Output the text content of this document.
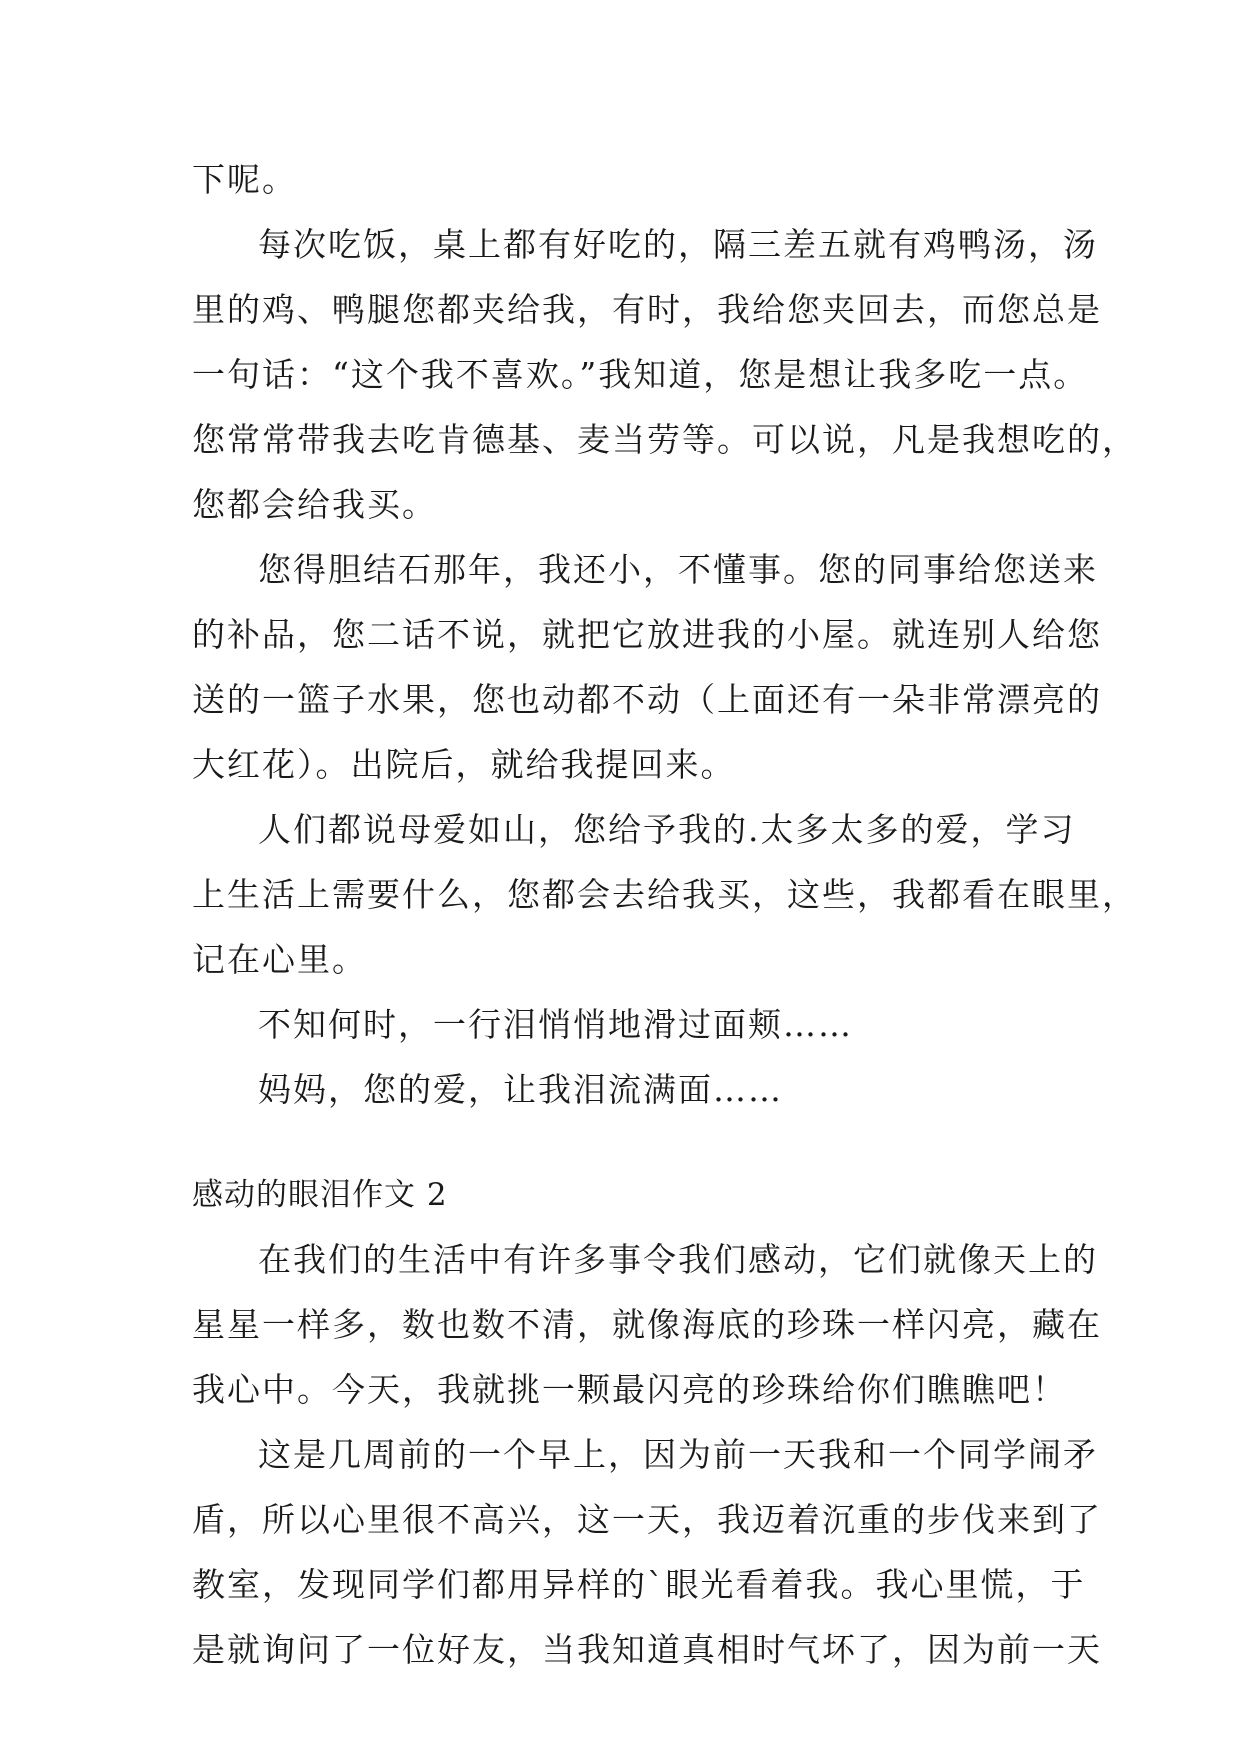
下呢。

每次吃饭，桌上都有好吃的，隔三差五就有鸡鸭汤，汤

里的鸡、鸭腿您都夹给我，有时，我给您夹回去，而您总是

一句话：“这个我不喜欢。”我知道，您是想让我多吃一点。

您常常带我去吃肯德基、麦当劳等。可以说，凡是我想吃的，

您都会给我买。

您得胆结石那年，我还小，不懂事。您的同事给您送来

的补品，您二话不说，就把它放进我的小屋。就连别人给您

送的一篮子水果，您也动都不动（上面还有一朵非常漂亮的

大红花）。出院后，就给我提回来。

人们都说母爱如山，您给予我的.太多太多的爱，学习

上生活上需要什么，您都会去给我买，这些，我都看在眼里，

记在心里。

不知何时，一行泪悄悄地滑过面颊……

妈妈，您的爱，让我泪流满面……

感动的眼泪作文 2

在我们的生活中有许多事令我们感动，它们就像天上的

星星一样多，数也数不清，就像海底的珍珠一样闪亮，藏在

我心中。今天，我就挑一颗最闪亮的珍珠给你们瞧瞧吧！

这是几周前的一个早上，因为前一天我和一个同学闹矛

盾，所以心里很不高兴，这一天，我迈着沉重的步伐来到了

教室，发现同学们都用异样的`眼光看着我。我心里慌，于

是就询问了一位好友，当我知道真相时气坏了，因为前一天
